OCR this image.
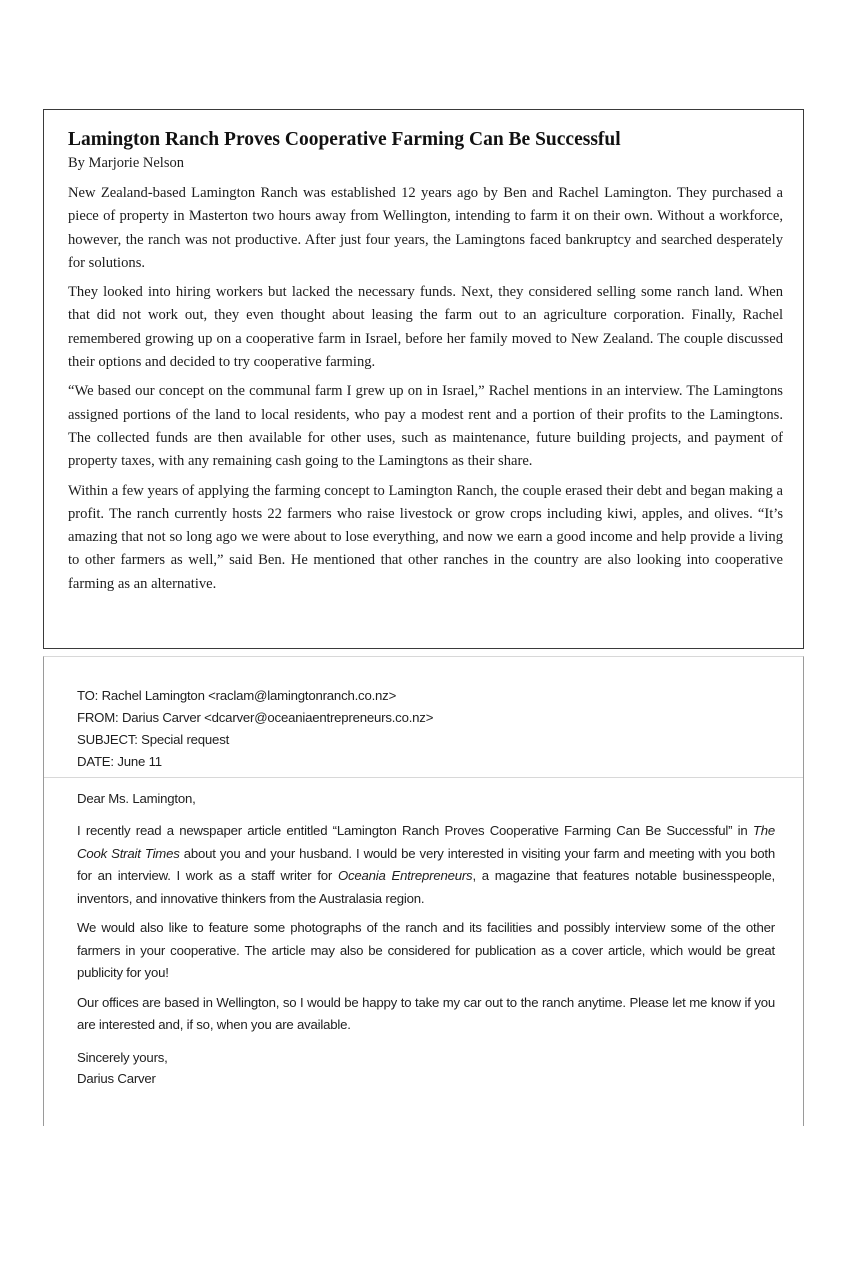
Lamington Ranch Proves Cooperative Farming Can Be Successful
By Marjorie Nelson

New Zealand-based Lamington Ranch was established 12 years ago by Ben and Rachel Lamington. They purchased a piece of property in Masterton two hours away from Wellington, intending to farm it on their own. Without a workforce, however, the ranch was not productive. After just four years, the Lamingtons faced bankruptcy and searched desperately for solutions.

They looked into hiring workers but lacked the necessary funds. Next, they considered selling some ranch land. When that did not work out, they even thought about leasing the farm out to an agriculture corporation. Finally, Rachel remembered growing up on a cooperative farm in Israel, before her family moved to New Zealand. The couple discussed their options and decided to try cooperative farming.

“We based our concept on the communal farm I grew up on in Israel,” Rachel mentions in an interview. The Lamingtons assigned portions of the land to local residents, who pay a modest rent and a portion of their profits to the Lamingtons. The collected funds are then available for other uses, such as maintenance, future building projects, and payment of property taxes, with any remaining cash going to the Lamingtons as their share.

Within a few years of applying the farming concept to Lamington Ranch, the couple erased their debt and began making a profit. The ranch currently hosts 22 farmers who raise livestock or grow crops including kiwi, apples, and olives. “It’s amazing that not so long ago we were about to lose everything, and now we earn a good income and help provide a living to other farmers as well,” said Ben. He mentioned that other ranches in the country are also looking into cooperative farming as an alternative.

TO: Rachel Lamington <raclam@lamingtonranch.co.nz>
FROM: Darius Carver <dcarver@oceaniaentrepreneurs.co.nz>
SUBJECT: Special request
DATE: June 11

Dear Ms. Lamington,

I recently read a newspaper article entitled “Lamington Ranch Proves Cooperative Farming Can Be Successful” in The Cook Strait Times about you and your husband. I would be very interested in visiting your farm and meeting with you both for an interview. I work as a staff writer for Oceania Entrepreneurs, a magazine that features notable businesspeople, inventors, and innovative thinkers from the Australasia region.

We would also like to feature some photographs of the ranch and its facilities and possibly interview some of the other farmers in your cooperative. The article may also be considered for publication as a cover article, which would be great publicity for you!

Our offices are based in Wellington, so I would be happy to take my car out to the ranch anytime. Please let me know if you are interested and, if so, when you are available.

Sincerely yours,
Darius Carver
